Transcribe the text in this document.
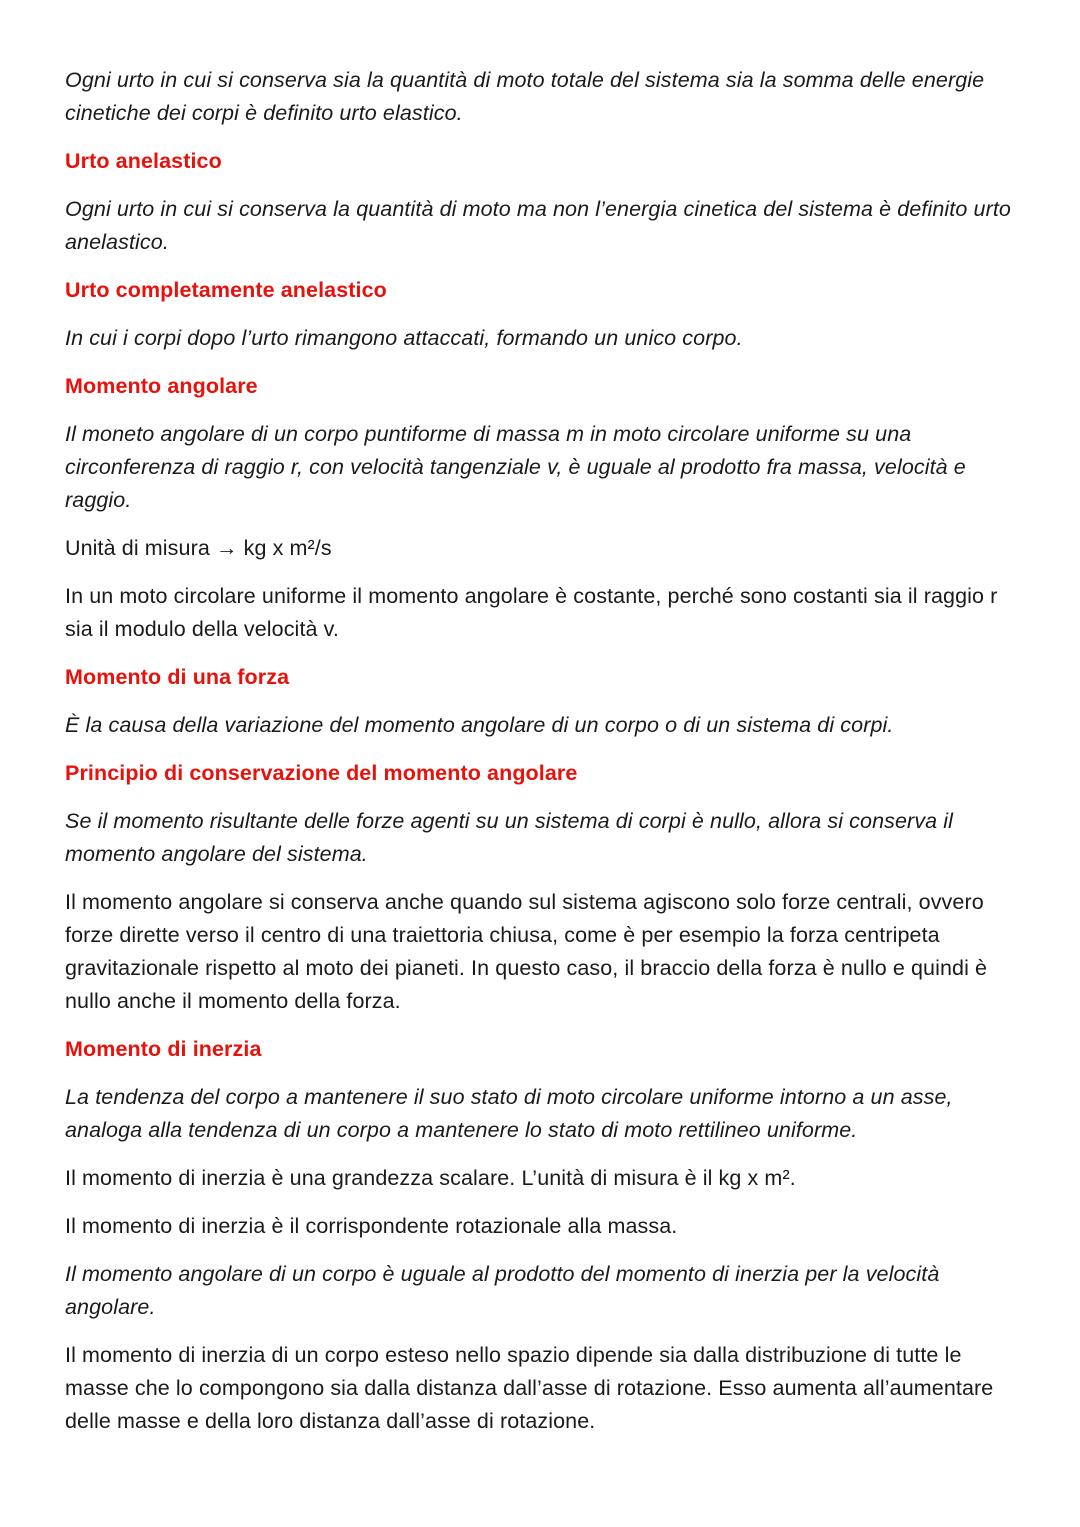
Ogni urto in cui si conserva sia la quantità di moto totale del sistema sia la somma delle energie cinetiche dei corpi è definito urto elastico.

Urto anelastico

Ogni urto in cui si conserva la quantità di moto ma non l’energia cinetica del sistema è definito urto anelastico.

Urto completamente anelastico

In cui i corpi dopo l’urto rimangono attaccati, formando un unico corpo.

Momento angolare

Il moneto angolare di un corpo puntiforme di massa m in moto circolare uniforme su una circonferenza di raggio r, con velocità tangenziale v, è uguale al prodotto fra massa, velocità e raggio.

Unità di misura → kg x m²/s

In un moto circolare uniforme il momento angolare è costante, perché sono costanti sia il raggio r sia il modulo della velocità v.

Momento di una forza

È la causa della variazione del momento angolare di un corpo o di un sistema di corpi.

Principio di conservazione del momento angolare

Se il momento risultante delle forze agenti su un sistema di corpi è nullo, allora si conserva il momento angolare del sistema.

Il momento angolare si conserva anche quando sul sistema agiscono solo forze centrali, ovvero forze dirette verso il centro di una traiettoria chiusa, come è per esempio la forza centripeta gravitazionale rispetto al moto dei pianeti. In questo caso, il braccio della forza è nullo e quindi è nullo anche il momento della forza.

Momento di inerzia

La tendenza del corpo a mantenere il suo stato di moto circolare uniforme intorno a un asse, analoga alla tendenza di un corpo a mantenere lo stato di moto rettilineo uniforme.

Il momento di inerzia è una grandezza scalare. L’unità di misura è il kg x m².

Il momento di inerzia è il corrispondente rotazionale alla massa.

Il momento angolare di un corpo è uguale al prodotto del momento di inerzia per la velocità angolare.

Il momento di inerzia di un corpo esteso nello spazio dipende sia dalla distribuzione di tutte le masse che lo compongono sia dalla distanza dall’asse di rotazione. Esso aumenta all’aumentare delle masse e della loro distanza dall’asse di rotazione.
